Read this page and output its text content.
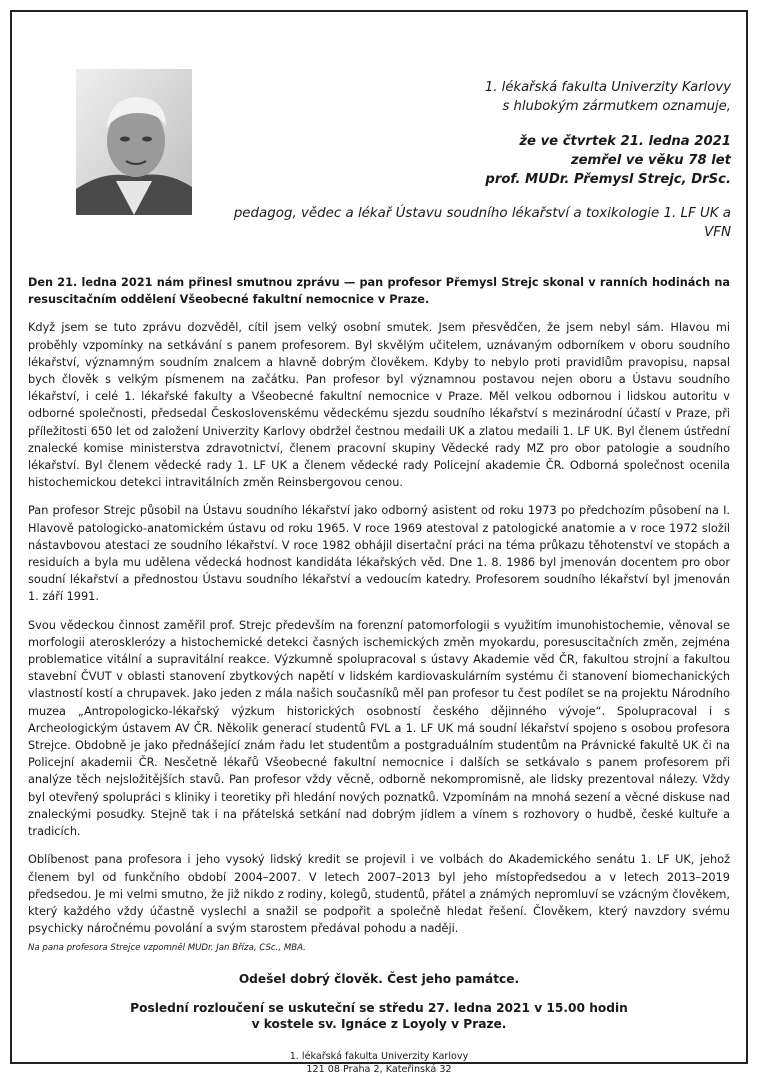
1. lékařská fakulta Univerzity Karlovy
s hlubokým zármutkem oznamuje,
že ve čtvrtek 21. ledna 2021
zemřel ve věku 78 let
prof. MUDr. Přemysl Strejc, DrSc.
pedagog, vědec a lékař Ústavu soudního lékařství a toxikologie 1. LF UK a VFN

Den 21. ledna 2021 nám přinesl smutnou zprávu — pan profesor Přemysl Strejc skonal v ranních hodinách na resuscitačním oddělení Všeobecné fakultní nemocnice v Praze.

Když jsem se tuto zprávu dozvěděl, cítil jsem velký osobní smutek. Jsem přesvědčen, že jsem nebyl sám. Hlavou mi proběhly vzpomínky na setkávání s panem profesorem. Byl skvělým učitelem, uznávaným odborníkem v oboru soudního lékařství, významným soudním znalcem a hlavně dobrým člověkem. Kdyby to nebylo proti pravidlům pravopisu, napsal bych člověk s velkým písmenem na začátku. Pan profesor byl významnou postavou nejen oboru a Ústavu soudního lékařství, i celé 1. lékařské fakulty a Všeobecné fakultní nemocnice v Praze. Měl velkou odbornou i lidskou autoritu v odborné společnosti, předsedal Československému vědeckému sjezdu soudního lékařství s mezinárodní účastí v Praze, při příležitosti 650 let od založení Univerzity Karlovy obdržel čestnou medaili UK a zlatou medaili 1. LF UK. Byl členem ústřední znalecké komise ministerstva zdravotnictví, členem pracovní skupiny Vědecké rady MZ pro obor patologie a soudního lékařství. Byl členem vědecké rady 1. LF UK a členem vědecké rady Policejní akademie ČR. Odborná společnost ocenila histochemickou detekci intravitálních změn Reinsbergovou cenou.

Pan profesor Strejc působil na Ústavu soudního lékařství jako odborný asistent od roku 1973 po předchozím působení na I. Hlavově patologicko-anatomickém ústavu od roku 1965. V roce 1969 atestoval z patologické anatomie a v roce 1972 složil nástavbovou atestaci ze soudního lékařství. V roce 1982 obhájil disertační práci na téma průkazu těhotenství ve stopách a residuích a byla mu udělena vědecká hodnost kandidáta lékařských věd. Dne 1. 8. 1986 byl jmenován docentem pro obor soudní lékařství a přednostou Ústavu soudního lékařství a vedoucím katedry. Profesorem soudního lékařství byl jmenován 1. září 1991.

Svou vědeckou činnost zaměřil prof. Strejc především na forenzní patomorfologii s využitím imunohistochemie, věnoval se morfologii aterosklerózy a histochemické detekci časných ischemických změn myokardu, poresuscitačních změn, zejména problematice vitální a supravitální reakce. Výzkumně spolupracoval s ústavy Akademie věd ČR, fakultou strojní a fakultou stavební ČVUT v oblasti stanovení zbytkových napětí v lidském kardiovaskulárním systému či stanovení biomechanických vlastností kostí a chrupavek. Jako jeden z mála našich současníků měl pan profesor tu čest podílet se na projektu Národního muzea „Antropologicko-lékařský výzkum historických osobností českého dějinného vývoje“. Spolupracoval i s Archeologickým ústavem AV ČR. Několik generací studentů FVL a 1. LF UK má soudní lékařství spojeno s osobou profesora Strejce. Obdobně je jako přednášející znám řadu let studentům a postgraduálním studentům na Právnické fakultě UK či na Policejní akademii ČR. Nesčetně lékařů Všeobecné fakultní nemocnice i dalších se setkávalo s panem profesorem při analýze těch nejsložitějších stavů. Pan profesor vždy věcně, odborně nekompromisně, ale lidsky prezentoval nálezy. Vždy byl otevřený spolupráci s kliniky i teoretiky při hledání nových poznatků. Vzpomínám na mnohá sezení a věcné diskuse nad znaleckými posudky. Stejně tak i na přátelská setkání nad dobrým jídlem a vínem s rozhovory o hudbě, české kultuře a tradicích.

Oblíbenost pana profesora i jeho vysoký lidský kredit se projevil i ve volbách do Akademického senátu 1. LF UK, jehož členem byl od funkčního období 2004–2007. V letech 2007–2013 byl jeho místopředsedou a v letech 2013–2019 předsedou. Je mi velmi smutno, že již nikdo z rodiny, kolegů, studentů, přátel a známých nepromluví se vzácným člověkem, který každého vždy účastně vyslechl a snažil se podpořit a společně hledat řešení. Člověkem, který navzdory svému psychicky náročnému povolání a svým starostem předával pohodu a naději.

Na pana profesora Strejce vzpomněl MUDr. Jan Bříza, CSc., MBA.

Odešel dobrý člověk. Čest jeho památce.
Poslední rozloučení se uskuteční se středu 27. ledna 2021 v 15.00 hodin
v kostele sv. Ignáce z Loyoly v Praze.
1. lékařská fakulta Univerzity Karlovy
121 08 Praha 2, Kateřinská 32
